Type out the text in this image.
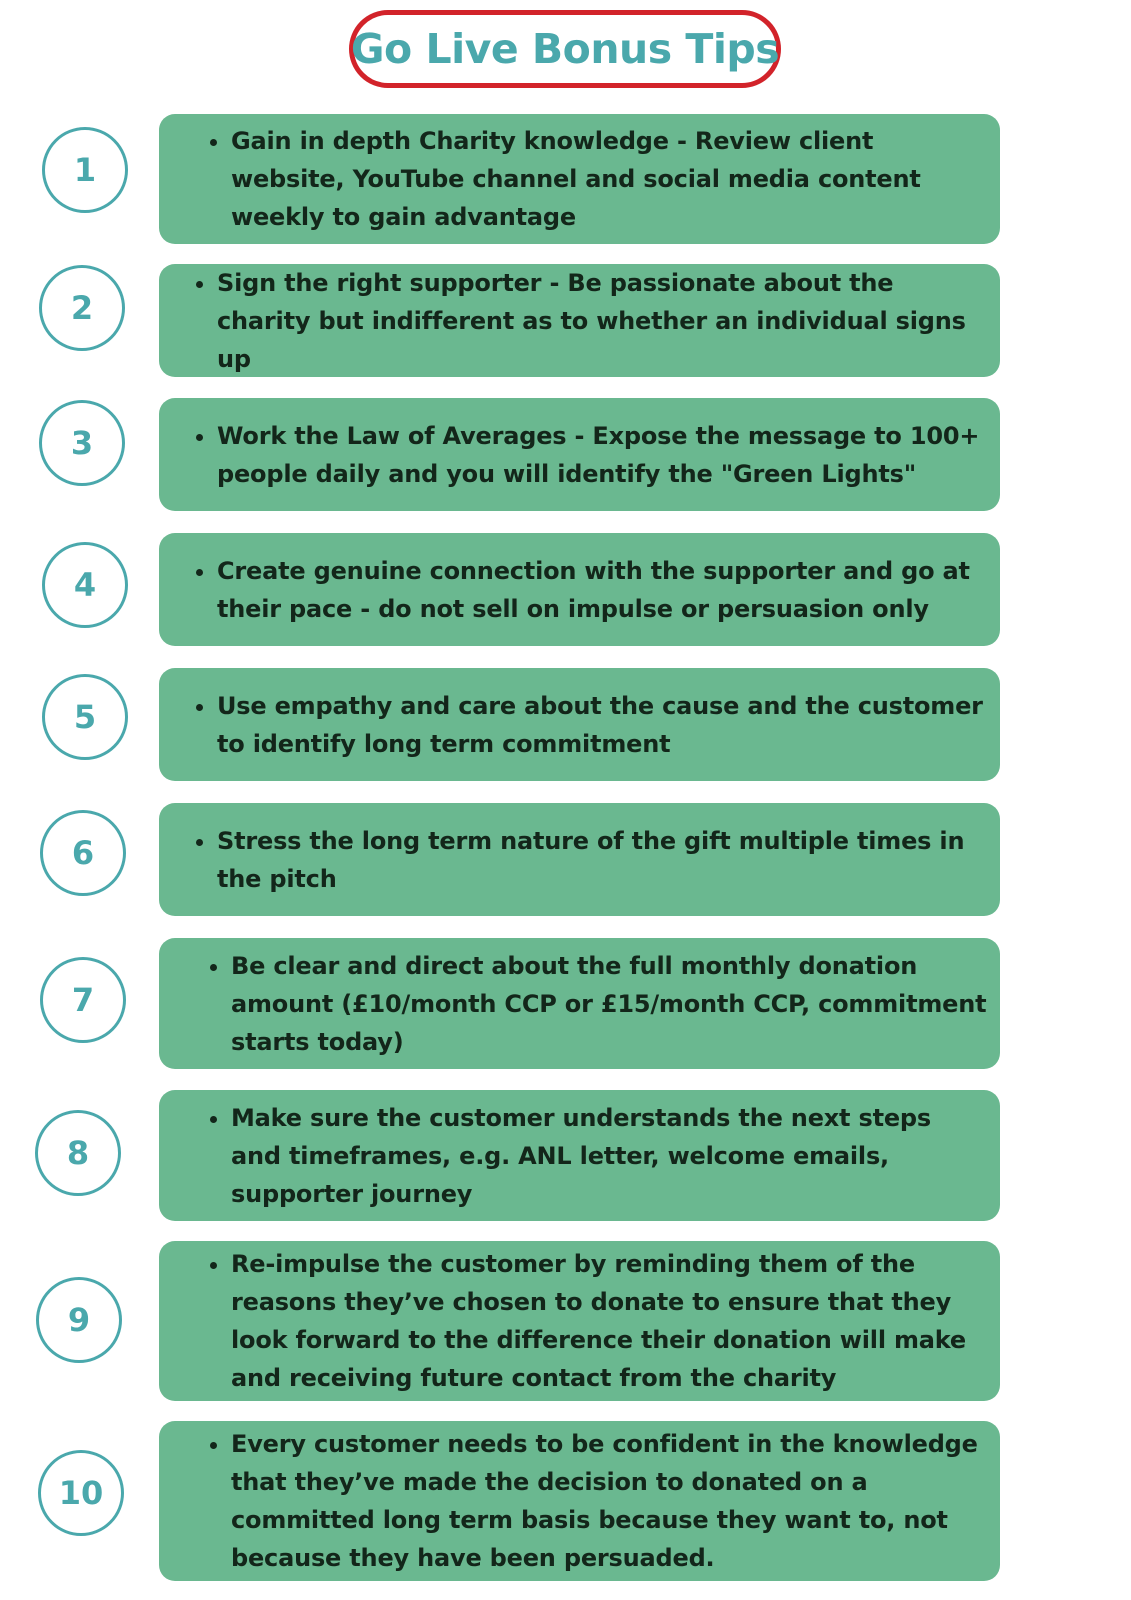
Go Live Bonus Tips
1
• Gain in depth Charity knowledge - Review client website, YouTube channel and social media content weekly to gain advantage
2
• Sign the right supporter - Be passionate about the charity but indifferent as to whether an individual signs up
3	• Work the Law of Averages - Expose the message to 100+ people daily and you will identify the "Green Lights"
4	• Create genuine connection with the supporter and go at their pace - do not sell on impulse or persuasion only
5	• Use empathy and care about the cause and the customer to identify long term commitment
6	• Stress the long term nature of the gift multiple times in the pitch
7
• Be clear and direct about the full monthly donation amount (£10/month CCP or £15/month CCP, commitment starts today)
8
• Make sure the customer understands the next steps and timeframes, e.g. ANL letter, welcome emails, supporter journey
9
• Re-impulse the customer by reminding them of the reasons they’ve chosen to donate to ensure that they look forward to the difference their donation will make and receiving future contact from the charity
10
• Every customer needs to be confident in the knowledge that they’ve made the decision to donated on a committed long term basis because they want to, not because they have been persuaded.
